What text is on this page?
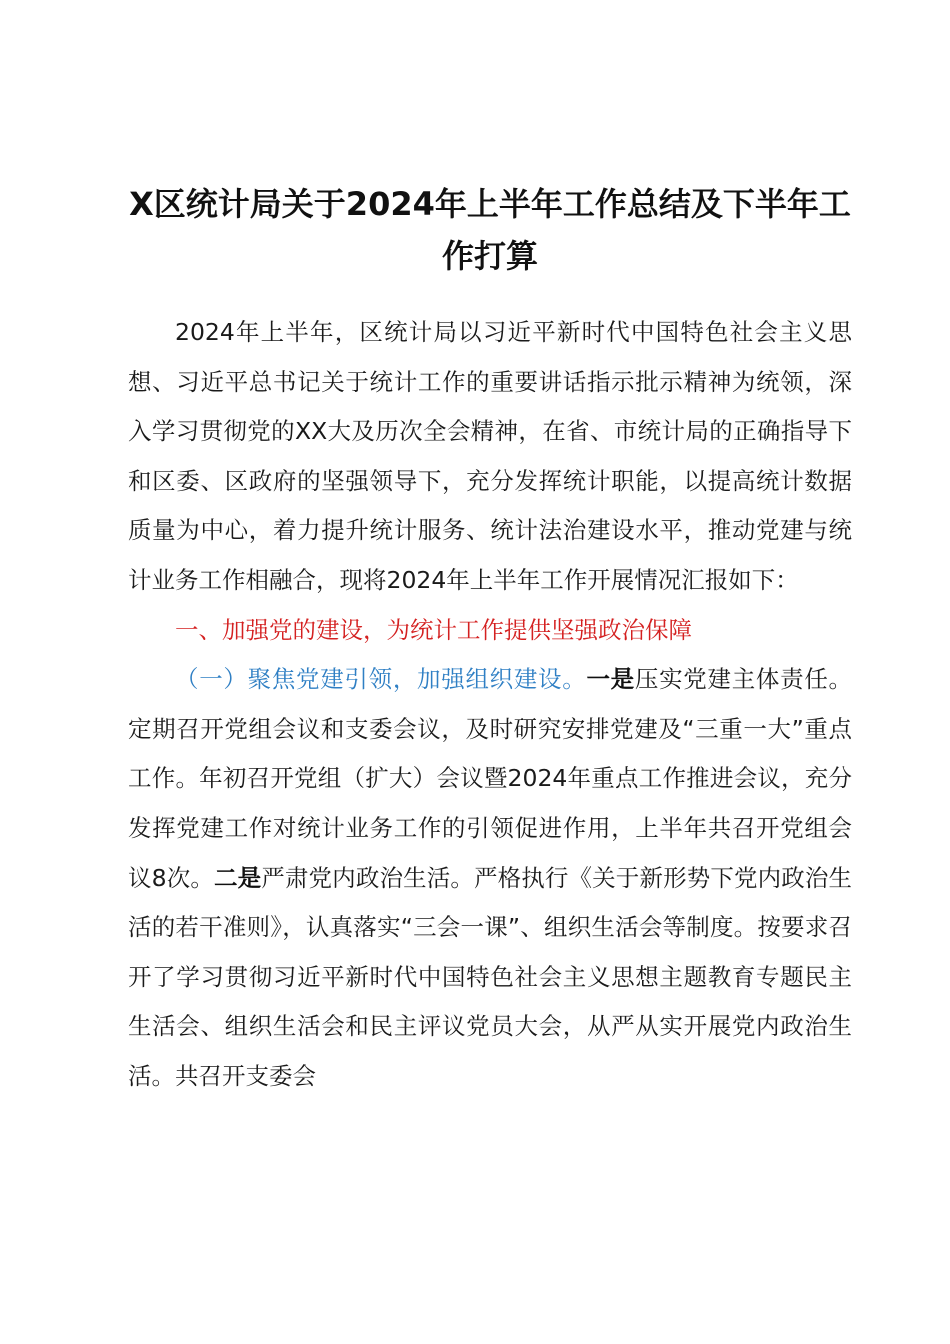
X区统计局关于2024年上半年工作总结及下半年工作打算

2024年上半年，区统计局以习近平新时代中国特色社会主义思想、习近平总书记关于统计工作的重要讲话指示批示精神为统领，深入学习贯彻党的XX大及历次全会精神，在省、市统计局的正确指导下和区委、区政府的坚强领导下，充分发挥统计职能，以提高统计数据质量为中心，着力提升统计服务、统计法治建设水平，推动党建与统计业务工作相融合，现将2024年上半年工作开展情况汇报如下：

一、加强党的建设，为统计工作提供坚强政治保障

（一）聚焦党建引领，加强组织建设。一是压实党建主体责任。定期召开党组会议和支委会议，及时研究安排党建及“三重一大”重点工作。年初召开党组（扩大）会议暨2024年重点工作推进会议，充分发挥党建工作对统计业务工作的引领促进作用，上半年共召开党组会议8次。二是严肃党内政治生活。严格执行《关于新形势下党内政治生活的若干准则》，认真落实“三会一课”、组织生活会等制度。按要求召开了学习贯彻习近平新时代中国特色社会主义思想主题教育专题民主生活会、组织生活会和民主评议党员大会，从严从实开展党内政治生活。共召开支委会
